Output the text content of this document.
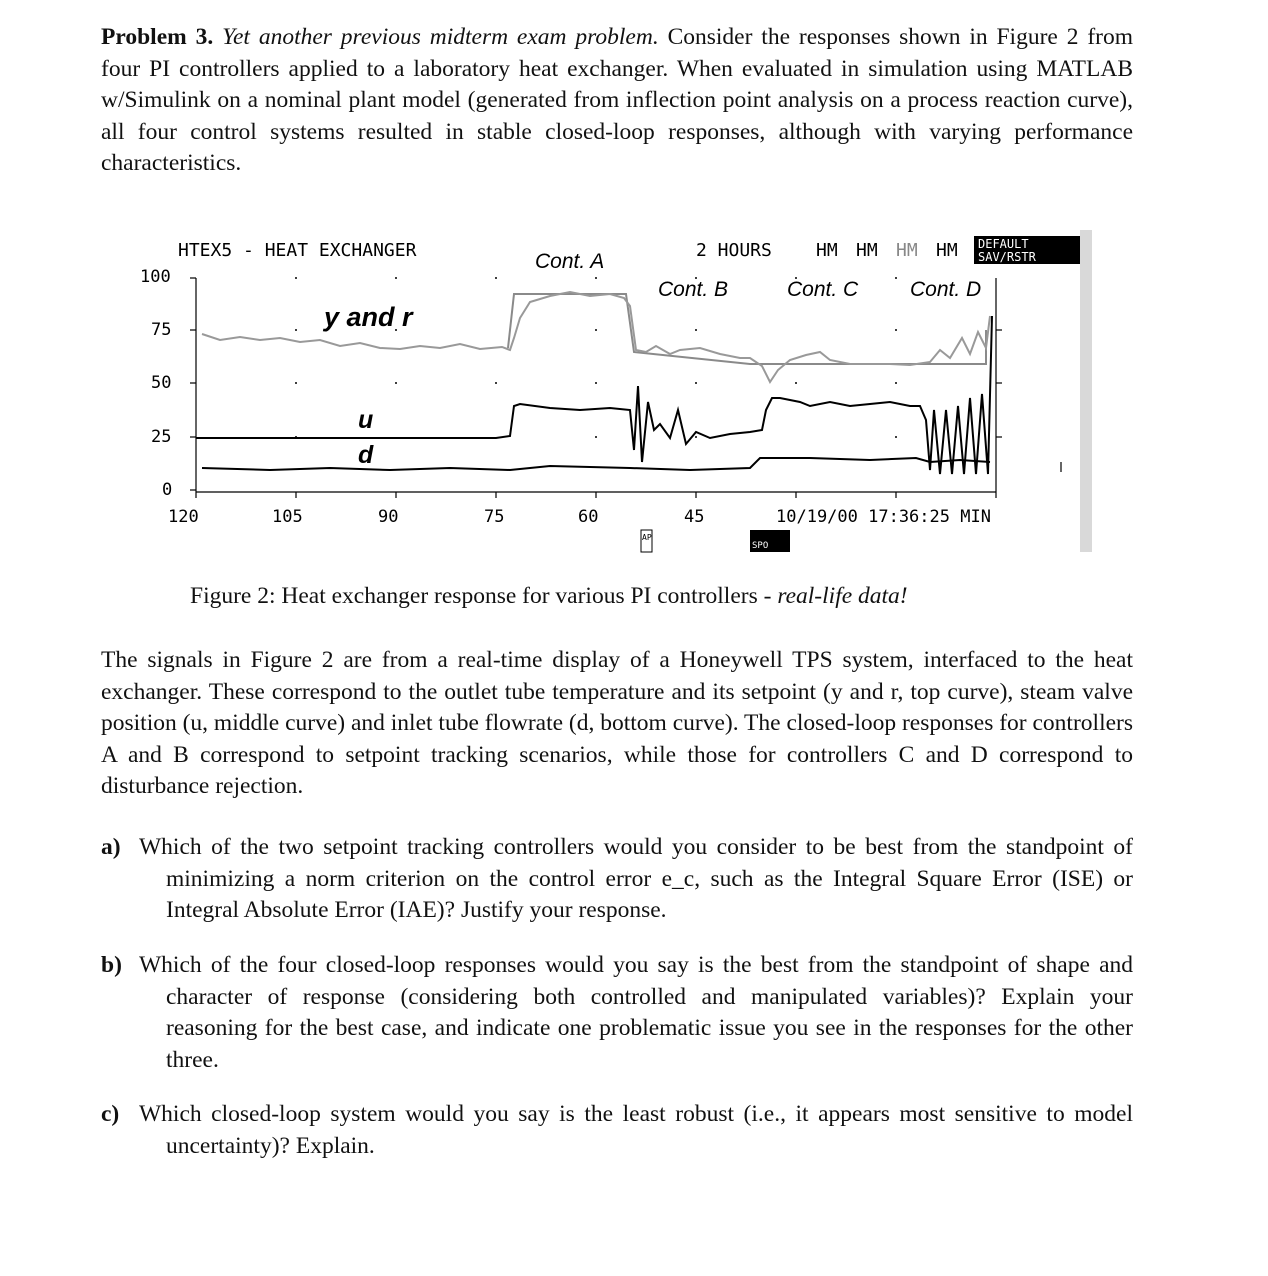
Problem 3. Yet another previous midterm exam problem. Consider the responses shown in Figure 2 from four PI controllers applied to a laboratory heat exchanger. When evaluated in simulation using MATLAB w/Simulink on a nominal plant model (generated from inflection point analysis on a process reaction curve), all four control systems resulted in stable closed-loop responses, although with varying performance characteristics.
HTEX5 - HEAT EXCHANGER	2 HOURS HM HM HM HM DEFAULT
SAV/RSTR
100
75
50
25
0
120	105	90	75	60	45	10/19/00 17:36:25 MIN
AP
SPO
Cont. A
Cont. B	Cont. C Cont. D
y and r
u
d
Figure 2: Heat exchanger response for various PI controllers - real-life data!
The signals in Figure 2 are from a real-time display of a Honeywell TPS system, interfaced to the heat exchanger. These correspond to the outlet tube temperature and its setpoint (y and r, top curve), steam valve position (u, middle curve) and inlet tube flowrate (d, bottom curve). The closed-loop responses for controllers A and B correspond to setpoint tracking scenarios, while those for controllers C and D correspond to disturbance rejection.
a) Which of the two setpoint tracking controllers would you consider to be best from the standpoint of minimizing a norm criterion on the control error e_c, such as the Integral Square Error (ISE) or Integral Absolute Error (IAE)? Justify your response.
b) Which of the four closed-loop responses would you say is the best from the standpoint of shape and character of response (considering both controlled and manipulated variables)? Explain your reasoning for the best case, and indicate one problematic issue you see in the responses for the other three.
c) Which closed-loop system would you say is the least robust (i.e., it appears most sensitive to model uncertainty)? Explain.
